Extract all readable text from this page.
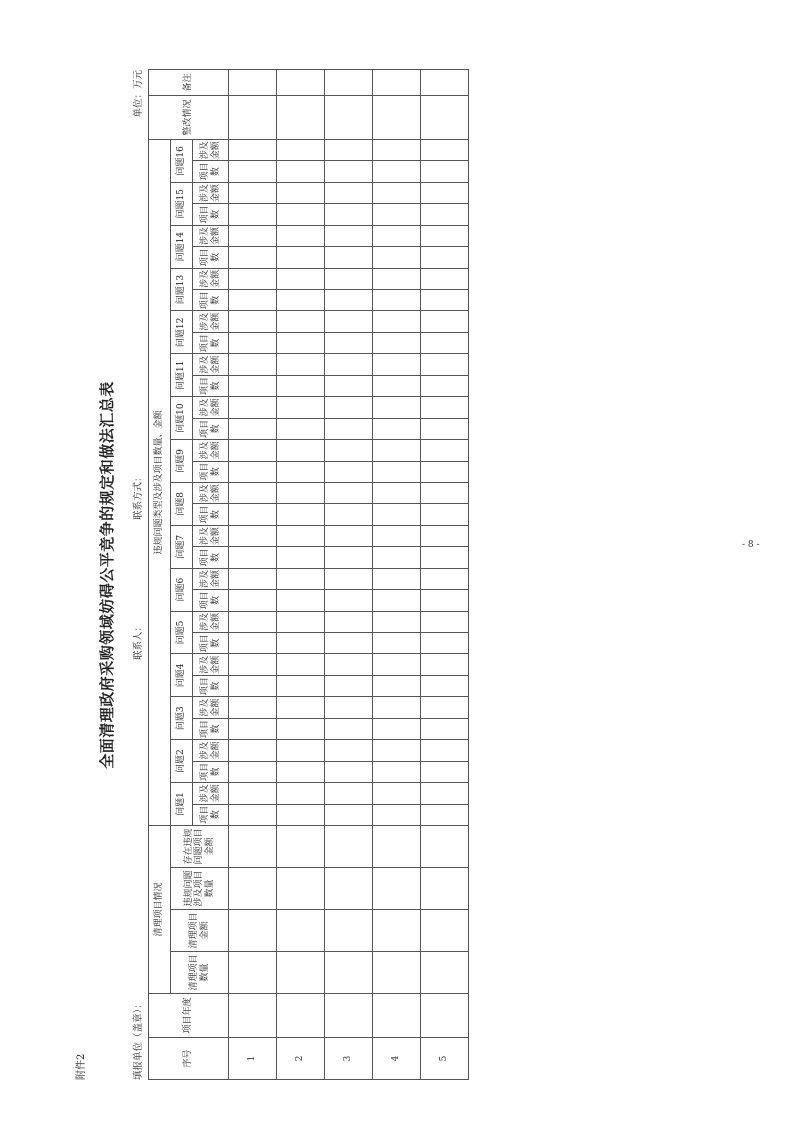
附件2
全面清理政府采购领域妨碍公平竞争的规定和做法汇总表
填报单位（盖章）：
联系人：
联系方式：
单位：万元
序号	项目年度	清理项目情况				违规问题类型及涉及项目数量、金额																																整改情况	备注
		清理项目数量	清理项目金额	违规问题涉及项目数量	存在违规问题项目金额	问题1		问题2		问题3		问题4		问题5		问题6		问题7		问题8		问题9		问题10		问题11		问题12		问题13		问题14		问题15		问题16			
						项目数	涉及金额	项目数	涉及金额	项目数	涉及金额	项目数	涉及金额	项目数	涉及金额	项目数	涉及金额	项目数	涉及金额	项目数	涉及金额	项目数	涉及金额	项目数	涉及金额	项目数	涉及金额	项目数	涉及金额	项目数	涉及金额	项目数	涉及金额	项目数	涉及金额	项目数	涉及金额		
1																																							
2																																							
3																																							
4																																							
5																																							
- 8 -
